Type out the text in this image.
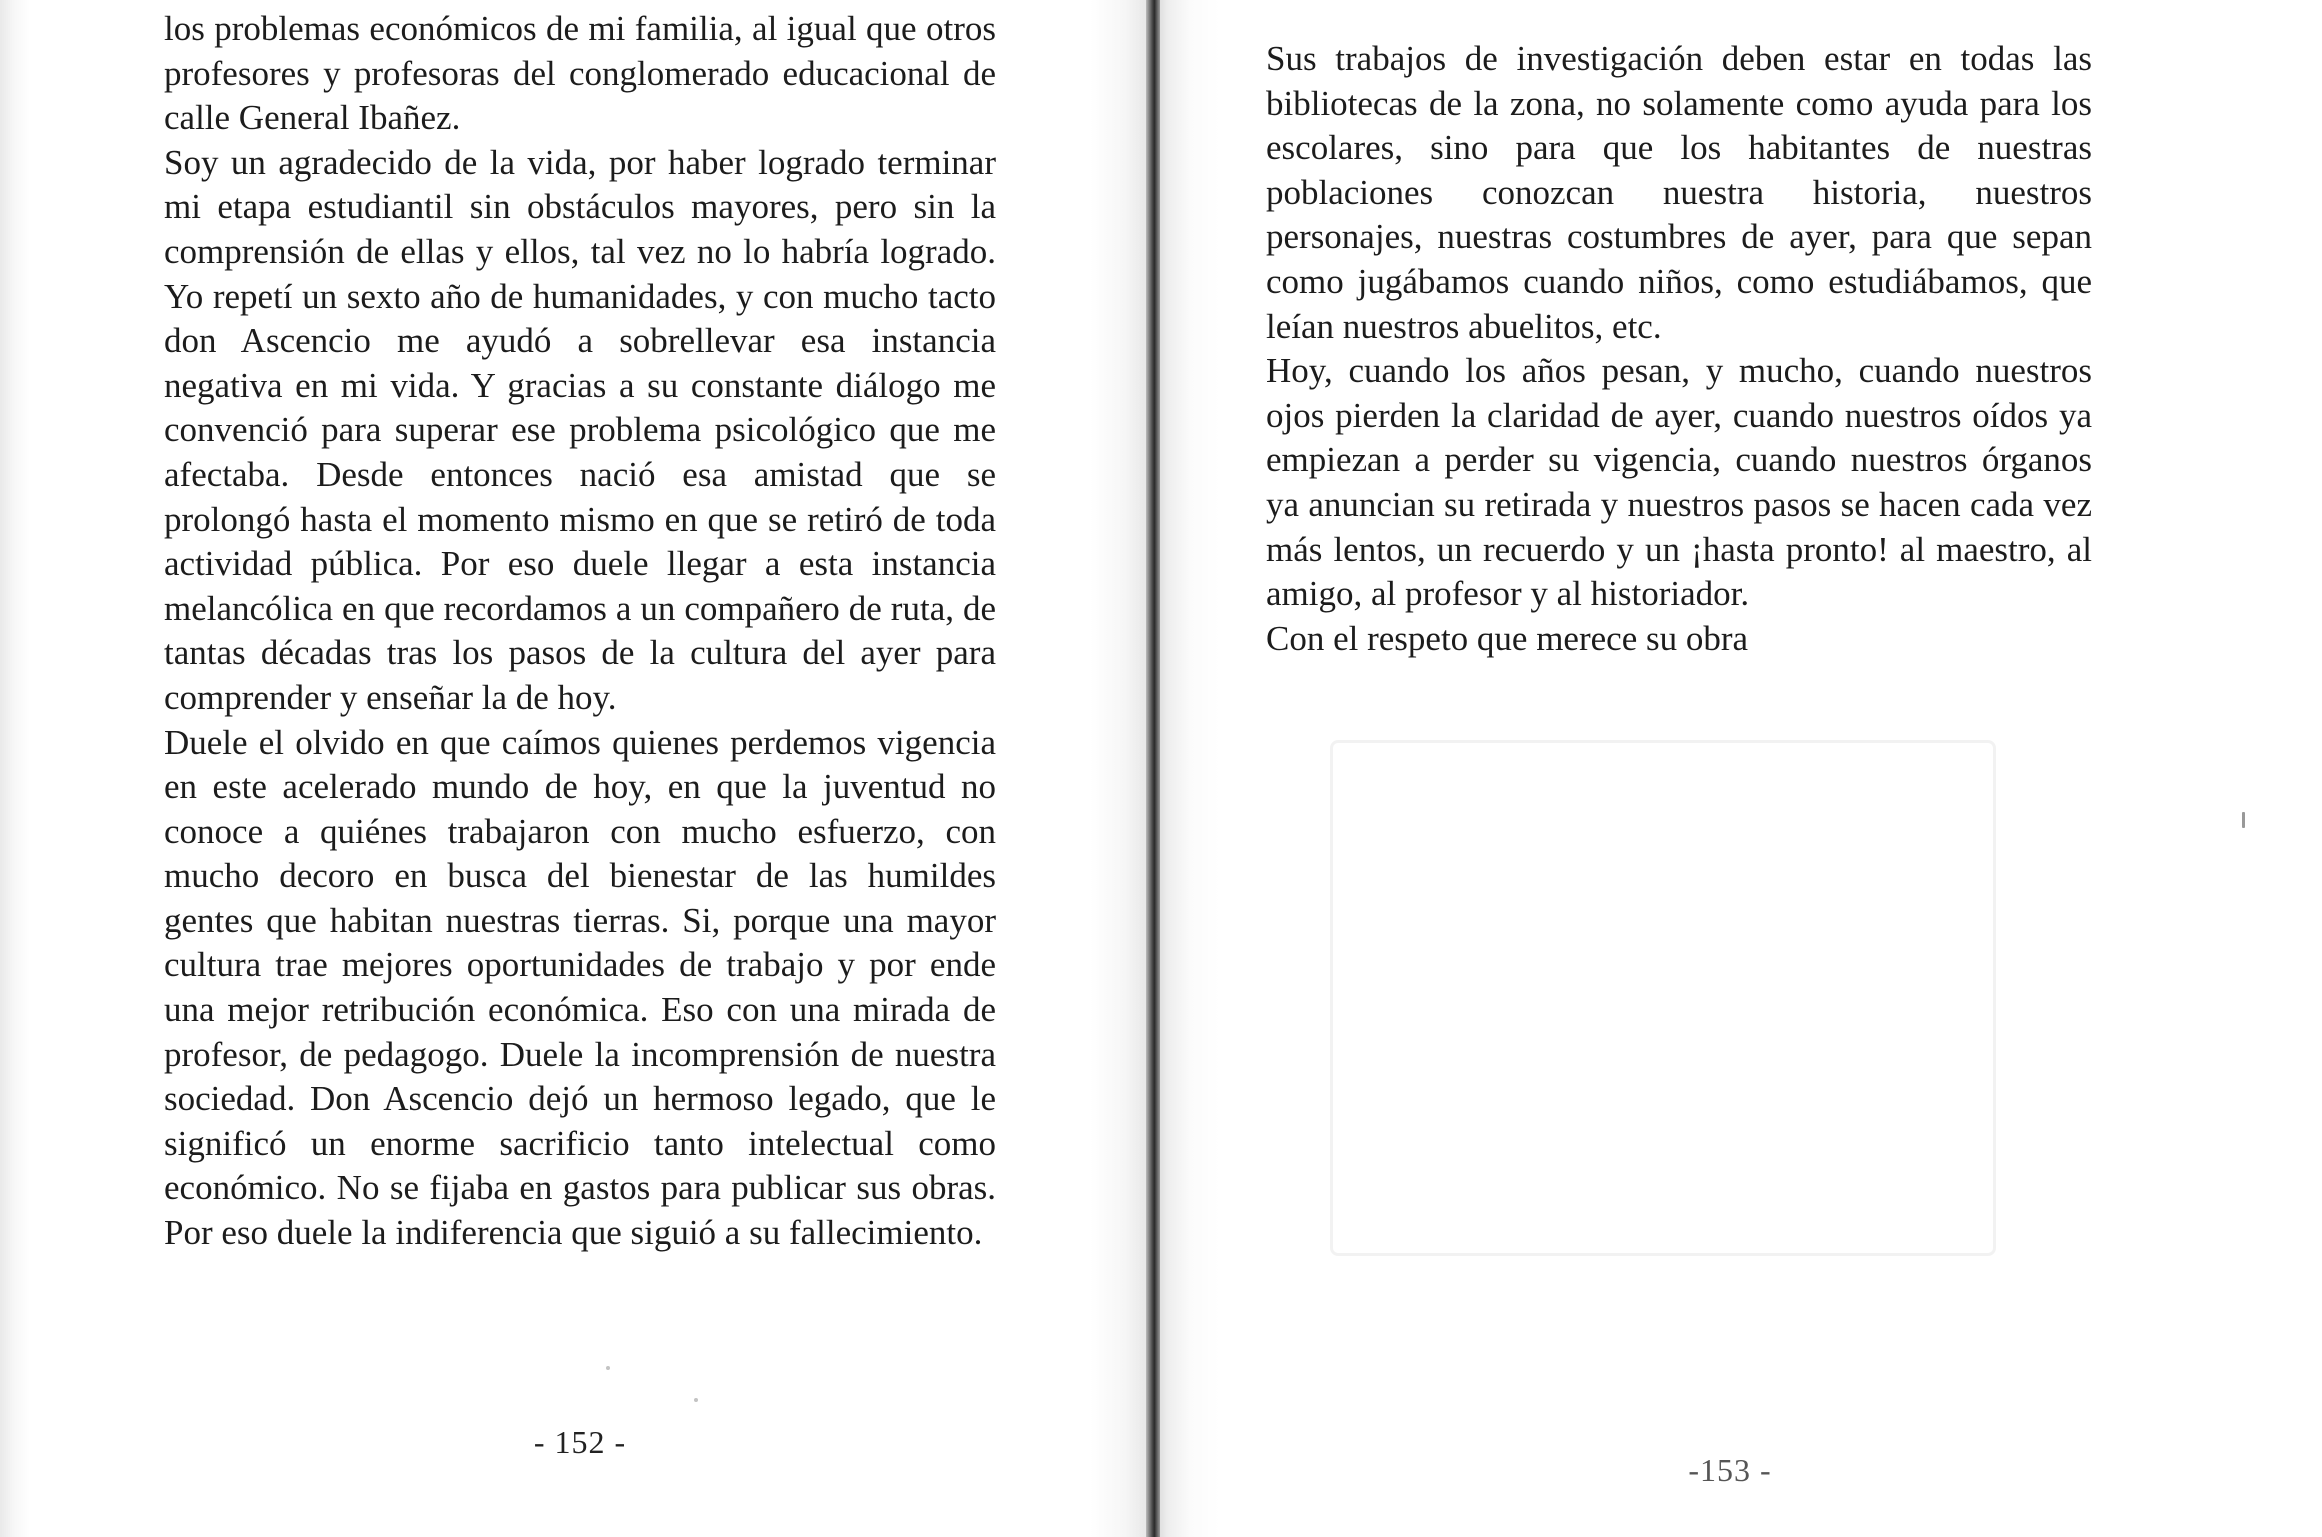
los problemas económicos de mi familia, al igual que otros profesores y profesoras del conglomerado educacional de calle General Ibañez.

Soy un agradecido de la vida, por haber logrado terminar mi etapa estudiantil sin obstáculos mayores, pero sin la comprensión de ellas y ellos, tal vez no lo habría logrado. Yo repetí un sexto año de humanidades, y con mucho tacto don Ascencio me ayudó a sobrellevar esa instancia negativa en mi vida. Y gracias a su constante diálogo me convenció para superar ese problema psicológico que me afectaba. Desde entonces nació esa amistad que se prolongó hasta el momento mismo en que se retiró de toda actividad pública. Por eso duele llegar a esta instancia melancólica en que recordamos a un compañero de ruta, de tantas décadas tras los pasos de la cultura del ayer para comprender y enseñar la de hoy.

Duele el olvido en que caímos quienes perdemos vigencia en este acelerado mundo de hoy, en que la juventud no conoce a quiénes trabajaron con mucho esfuerzo, con mucho decoro en busca del bienestar de las humildes gentes que habitan nuestras tierras. Si, porque una mayor cultura trae mejores oportunidades de trabajo y por ende una mejor retribución económica. Eso con una mirada de profesor, de pedagogo. Duele la incomprensión de nuestra sociedad. Don Ascencio dejó un hermoso legado, que le significó un enorme sacrificio tanto intelectual como económico. No se fijaba en gastos para publicar sus obras. Por eso duele la indiferencia que siguió a su fallecimiento.

- 152 -

Sus trabajos de investigación deben estar en todas las bibliotecas de la zona, no solamente como ayuda para los escolares, sino para que los habitantes de nuestras poblaciones conozcan nuestra historia, nuestros personajes, nuestras costumbres de ayer, para que sepan como jugábamos cuando niños, como estudiábamos, que leían nuestros abuelitos, etc.

Hoy, cuando los años pesan, y mucho, cuando nuestros ojos pierden la claridad de ayer, cuando nuestros oídos ya empiezan a perder su vigencia, cuando nuestros órganos ya anuncian su retirada y nuestros pasos se hacen cada vez más lentos, un recuerdo y un ¡hasta pronto! al maestro, al amigo, al profesor y al historiador.

Con el respeto que merece su obra

-153 -
